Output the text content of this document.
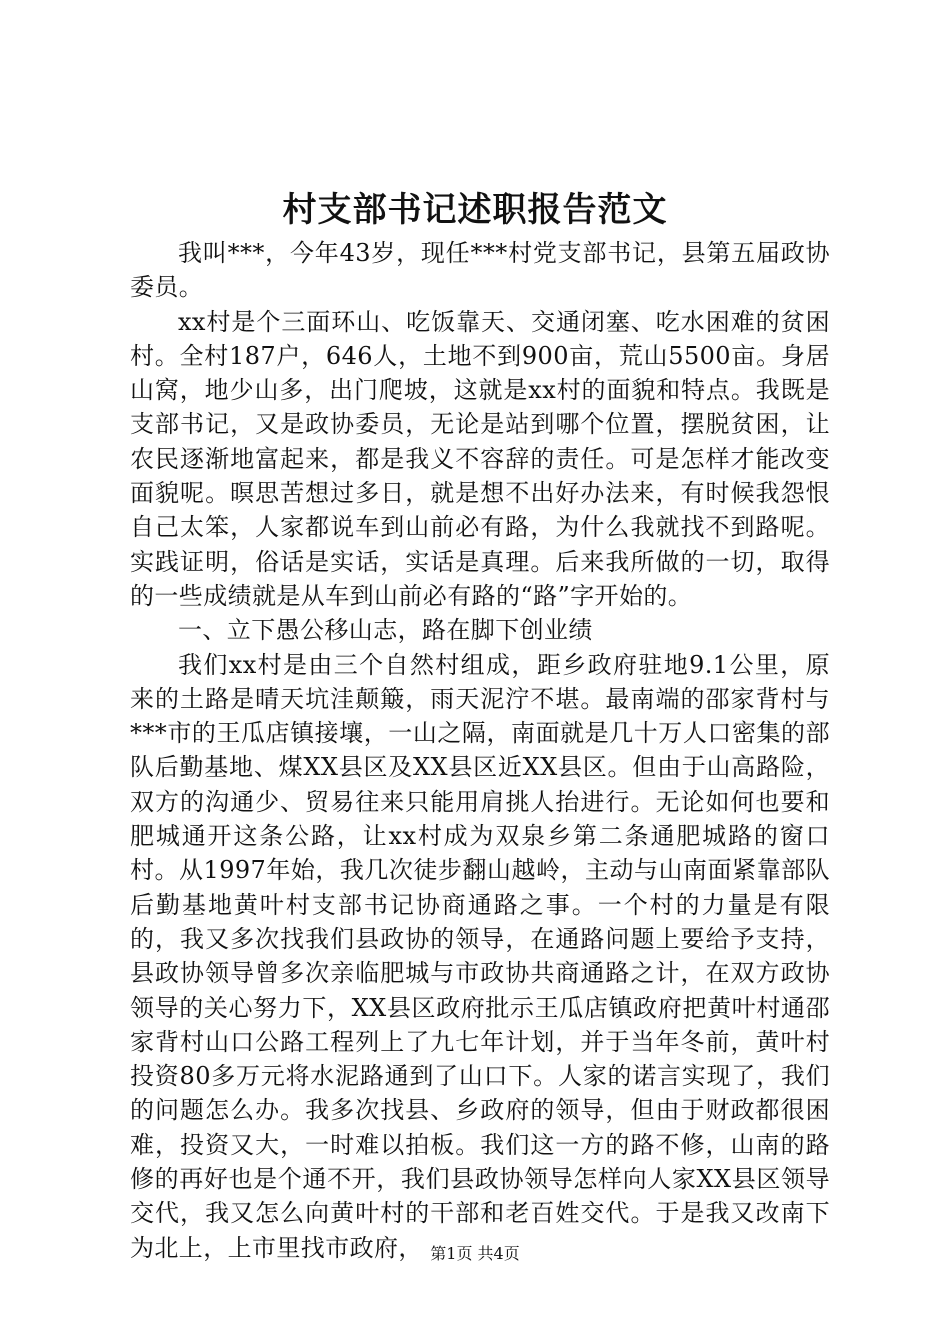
村支部书记述职报告范文

我叫***，今年43岁，现任***村党支部书记，县第五届政协委员。

xx村是个三面环山、吃饭靠天、交通闭塞、吃水困难的贫困村。全村187户，646人，土地不到900亩，荒山5500亩。身居山窝，地少山多，出门爬坡，这就是xx村的面貌和特点。我既是支部书记，又是政协委员，无论是站到哪个位置，摆脱贫困，让农民逐渐地富起来，都是我义不容辞的责任。可是怎样才能改变面貌呢。暝思苦想过多日，就是想不出好办法来，有时候我怨恨自己太笨，人家都说车到山前必有路，为什么我就找不到路呢。实践证明，俗话是实话，实话是真理。后来我所做的一切，取得的一些成绩就是从车到山前必有路的“路”字开始的。

一、立下愚公移山志，路在脚下创业绩

我们xx村是由三个自然村组成，距乡政府驻地9.1公里，原来的土路是晴天坑洼颠簸，雨天泥泞不堪。最南端的邵家背村与***市的王瓜店镇接壤，一山之隔，南面就是几十万人口密集的部队后勤基地、煤XX县区及XX县区近XX县区。但由于山高路险，双方的沟通少、贸易往来只能用肩挑人抬进行。无论如何也要和肥城通开这条公路，让xx村成为双泉乡第二条通肥城路的窗口村。从1997年始，我几次徒步翻山越岭，主动与山南面紧靠部队后勤基地黄叶村支部书记协商通路之事。一个村的力量是有限的，我又多次找我们县政协的领导，在通路问题上要给予支持，县政协领导曾多次亲临肥城与市政协共商通路之计，在双方政协领导的关心努力下，XX县区政府批示王瓜店镇政府把黄叶村通邵家背村山口公路工程列上了九七年计划，并于当年冬前，黄叶村投资80多万元将水泥路通到了山口下。人家的诺言实现了，我们的问题怎么办。我多次找县、乡政府的领导，但由于财政都很困难，投资又大，一时难以拍板。我们这一方的路不修，山南的路修的再好也是个通不开，我们县政协领导怎样向人家XX县区领导交代，我又怎么向黄叶村的干部和老百姓交代。于是我又改南下为北上，上市里找市政府， 第1页 共4页
